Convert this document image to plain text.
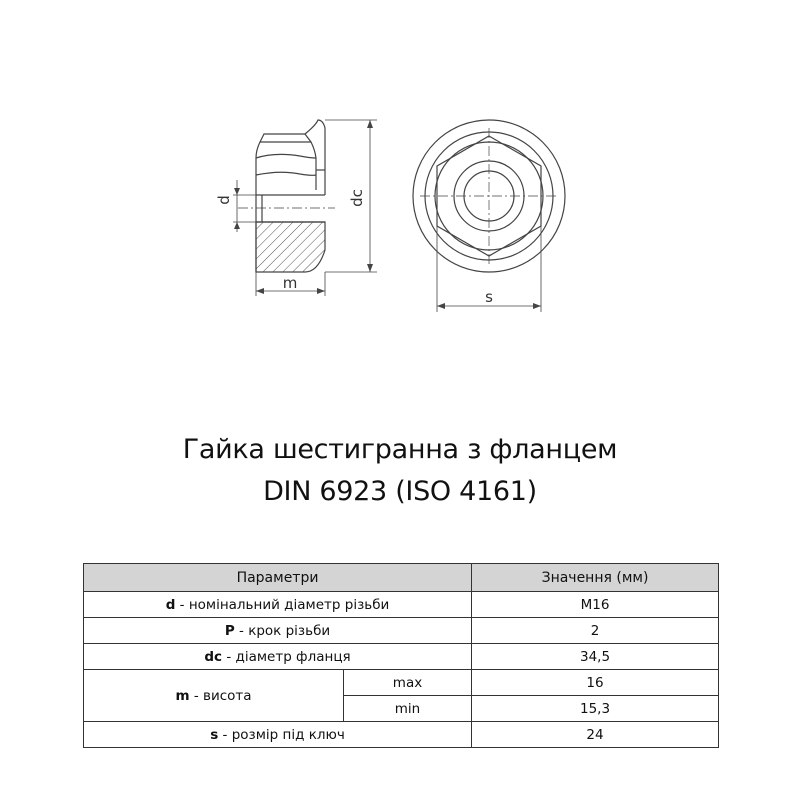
d	dc
m
s
Гайка шестигранна з фланцем
DIN 6923 (ISO 4161)
Параметри		Значення (мм)
d - номінальний діаметр різьби		M16
P - крок різьби		2
dc - діаметр фланця		34,5
m - висота	max	16
	min	15,3
s - розмір під ключ		24
